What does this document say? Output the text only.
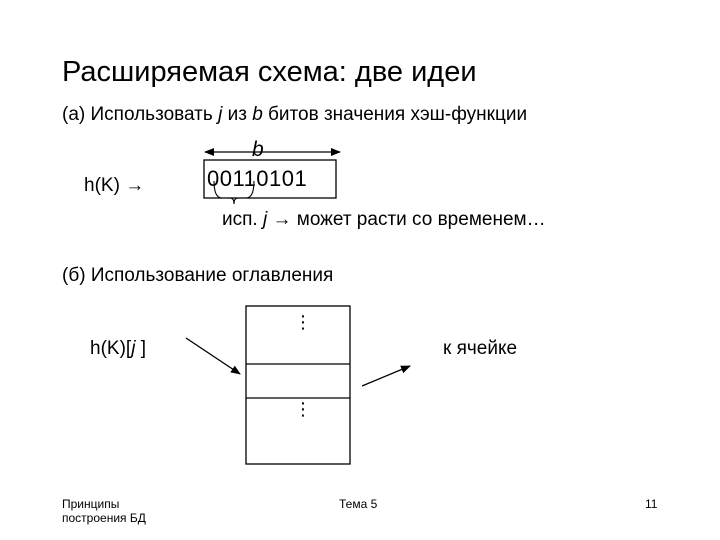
Расширяемая схема: две идеи
(а) Использовать j из b битов значения хэш-функции
h(K) →
b
00110101
исп. j → может расти со временем…
(б) Использование оглавления
h(K)[j ]
⋮
⋮
к ячейке
Принципы построения БД
Тема 5	11
